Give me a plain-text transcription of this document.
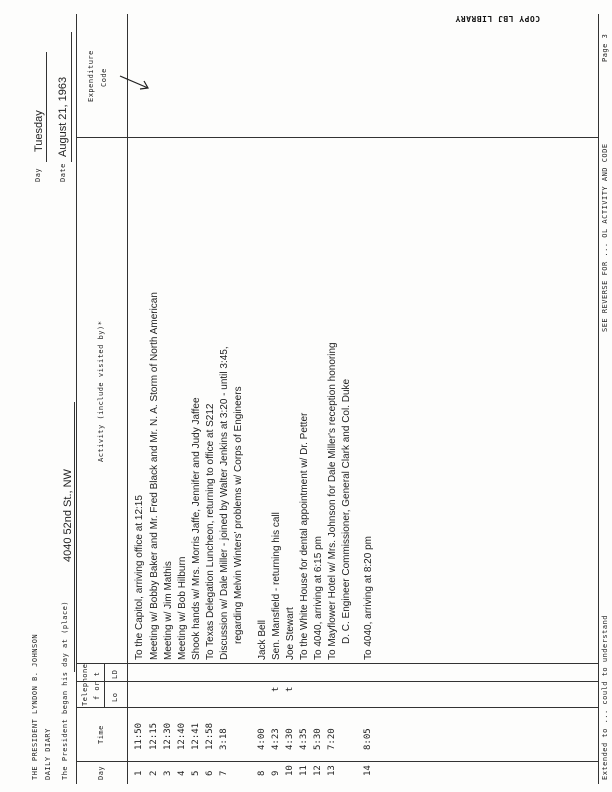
COPY LBJ LIBRARY
THE PRESIDENT LYNDON B. JOHNSON DAILY DIARY The President began his day at (place)
4040 52nd St., NW
Day
Tuesday
Date
August 21, 1963
Day
Time
Telephone f or t Lo
LD
Activity (include visited by)*
Expenditure Code
1
11:50
To the Capitol, arriving office at 12:15
2
12:15
Meeting w/ Bobby Baker and Mr. Fred Black and Mr. N. A. Storm of North American
3
12:30
Meeting w/ Jim Mathis
4
12:40
Meeting w/ Bob Hilburn
5
12:41
Shook hands w/ Mrs. Morris Jaffe, Jennifer and Judy Jaffee
6
12:58
To Texas Delegation Luncheon, returning to office at S212
7
3:18
Discussion w/ Dale Miller - joined by Walter Jenkins at 3:20 - until 3:45, regarding Melvin Winters' problems w/ Corps of Engineers
8
4:00
Jack Bell
9
4:23
t
Sen. Mansfield - returning his call
10
4:30
t
Joe Stewart
11
4:35
To the White House for dental appointment w/ Dr. Petter
12
5:30
To 4040, arriving at 6:15 pm
13
7:20
To Mayflower Hotel w/ Mrs. Johnson for Dale Miller's reception honoring D. C. Engineer Commissioner, General Clark and Col. Duke
14
8:05
To 4040, arriving at 8:20 pm
Extended to ... could to understand
SEE REVERSE FOR ... OL ACTIVITY AND CODE
Page 3
